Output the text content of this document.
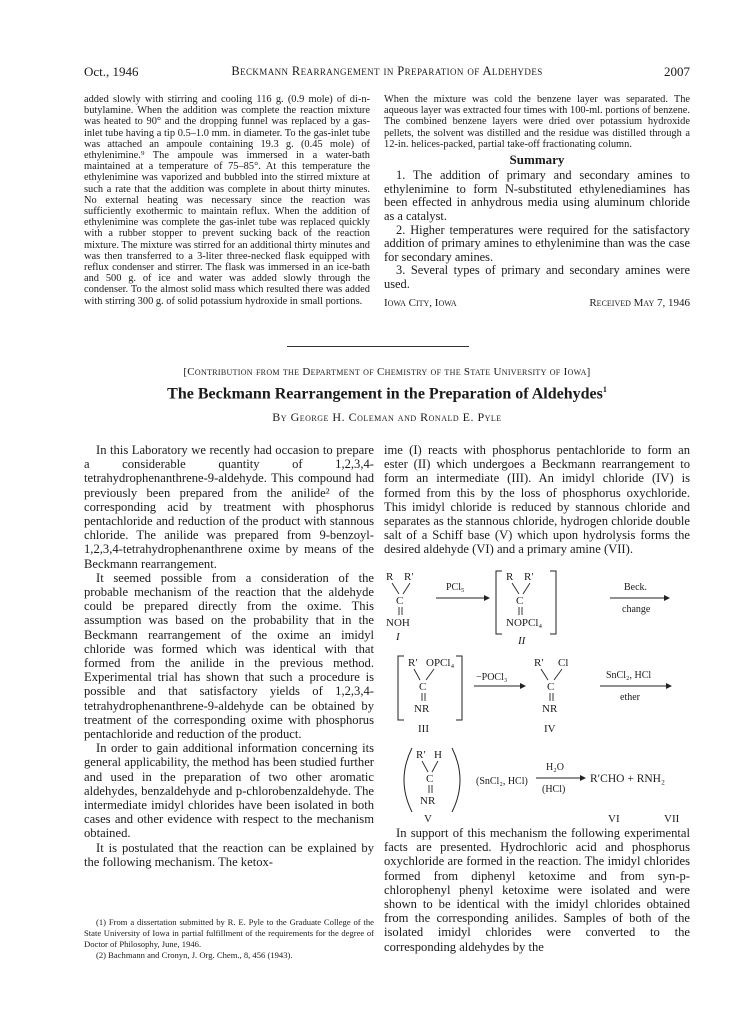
Oct., 1946	Beckmann Rearrangement in Preparation of Aldehydes	2007

added slowly with stirring and cooling 116 g. (0.9 mole) of di-n-butylamine. When the addition was complete the reaction mixture was heated to 90° and the dropping funnel was replaced by a gas-inlet tube having a tip 0.5–1.0 mm. in diameter. To the gas-inlet tube was attached an ampoule containing 19.3 g. (0.45 mole) of ethylenimine.⁹ The ampoule was immersed in a water-bath maintained at a temperature of 75–85°. At this temperature the ethylenimine was vaporized and bubbled into the stirred mixture at such a rate that the addition was complete in about thirty minutes. No external heating was necessary since the reaction was sufficiently exothermic to maintain reflux. When the addition of ethylenimine was complete the gas-inlet tube was replaced quickly with a rubber stopper to prevent sucking back of the reaction mixture. The mixture was stirred for an additional thirty minutes and was then transferred to a 3-liter three-necked flask equipped with reflux condenser and stirrer. The flask was immersed in an ice-bath and 500 g. of ice and water was added slowly through the condenser. To the almost solid mass which resulted there was added with stirring 300 g. of solid potassium hydroxide in small portions.

When the mixture was cold the benzene layer was separated. The aqueous layer was extracted four times with 100-ml. portions of benzene. The combined benzene layers were dried over potassium hydroxide pellets, the solvent was distilled and the residue was distilled through a 12-in. helices-packed, partial take-off fractionating column.

Summary

1. The addition of primary and secondary amines to ethylenimine to form N-substituted ethylenediamines has been effected in anhydrous media using aluminum chloride as a catalyst.

2. Higher temperatures were required for the satisfactory addition of primary amines to ethylenimine than was the case for secondary amines.

3. Several types of primary and secondary amines were used.

Iowa City, Iowa	Received May 7, 1946

[Contribution from the Department of Chemistry of the State University of Iowa]
The Beckmann Rearrangement in the Preparation of Aldehydes$^1$
By George H. Coleman and Ronald E. Pyle

In this Laboratory we recently had occasion to prepare a considerable quantity of 1,2,3,4-tetrahydrophenanthrene-9-aldehyde. This compound had previously been prepared from the anilide² of the corresponding acid by treatment with phosphorus pentachloride and reduction of the product with stannous chloride. The anilide was prepared from 9-benzoyl-1,2,3,4-tetrahydrophenanthrene oxime by means of the Beckmann rearrangement.

It seemed possible from a consideration of the probable mechanism of the reaction that the aldehyde could be prepared directly from the oxime. This assumption was based on the probability that in the Beckmann rearrangement of the oxime an imidyl chloride was formed which was identical with that formed from the anilide in the previous method. Experimental trial has shown that such a procedure is possible and that satisfactory yields of 1,2,3,4-tetrahydrophenanthrene-9-aldehyde can be obtained by treatment of the corresponding oxime with phosphorus pentachloride and reduction of the product.

In order to gain additional information concerning its general applicability, the method has been studied further and used in the preparation of two other aromatic aldehydes, benzaldehyde and p-chlorobenzaldehyde. The intermediate imidyl chlorides have been isolated in both cases and other evidence with respect to the mechanism obtained.

It is postulated that the reaction can be explained by the following mechanism. The ketox-

(1) From a dissertation submitted by R. E. Pyle to the Graduate College of the State University of Iowa in partial fulfillment of the requirements for the degree of Doctor of Philosophy, June, 1946.

(2) Bachmann and Cronyn, J. Org. Chem., 8, 456 (1943).

ime (I) reacts with phosphorus pentachloride to form an ester (II) which undergoes a Beckmann rearrangement to form an intermediate (III). An imidyl chloride (IV) is formed from this by the loss of phosphorus oxychloride. This imidyl chloride is reduced by stannous chloride and separates as the stannous chloride, hydrogen chloride double salt of a Schiff base (V) which upon hydrolysis forms the desired aldehyde (VI) and a primary amine (VII).

R R′
C
NOH
I
PCl₅
R R′
C
NOPCl₄
II
Beck.
change
R′ OPCl₄
C
NR
III
−POCl₃
R′ Cl
C
NR
IV
SnCl₂, HCl
ether
R′ H
C
NR
V
(SnCl₂, HCl)
H₂O
(HCl)
R′CHO + RNH₂
VI	VII

In support of this mechanism the following experimental facts are presented. Hydrochloric acid and phosphorus oxychloride are formed in the reaction. The imidyl chlorides formed from diphenyl ketoxime and from syn-p-chlorophenyl phenyl ketoxime were isolated and were shown to be identical with the imidyl chlorides obtained from the corresponding anilides. Samples of both of the isolated imidyl chlorides were converted to the corresponding aldehydes by the
